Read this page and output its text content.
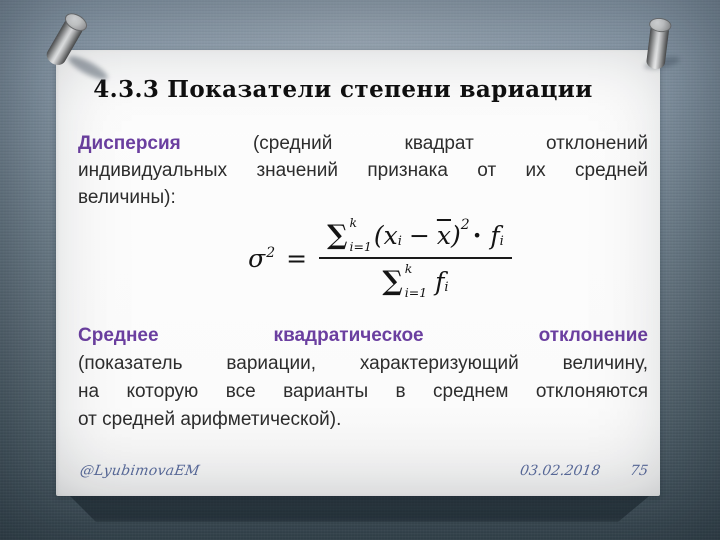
4.3.3 Показатели степени вариации
Дисперсия (средний квадрат отклонений
индивидуальных значений признака от их средней
величины):
$\sigma^2$ = ∑ k
i=1 ( x $i - \overline{x}$ ) 2 · f i
∑ k
i=1 f i
Среднее квадратическое отклонение
(показатель вариации, характеризующий величину,
на которую все варианты в среднем отклоняются
от средней арифметической).
@LyubimovaEM	03.02.2018 75
